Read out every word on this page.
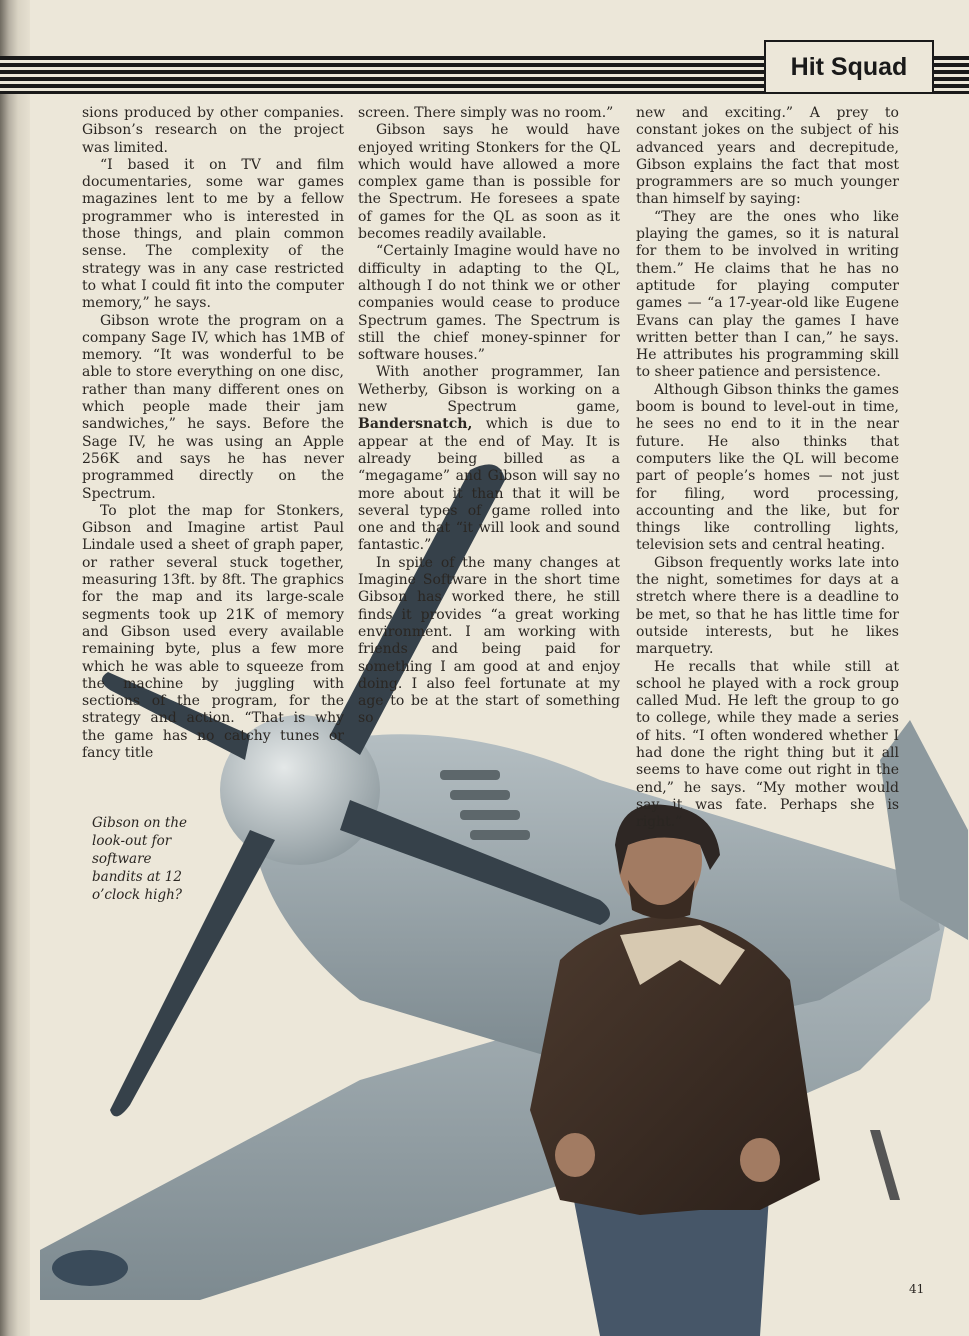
Hit Squad

sions produced by other companies. Gibson’s research on the project was limited.

“I based it on TV and film documentaries, some war games magazines lent to me by a fellow programmer who is interested in those things, and plain common sense. The complexity of the strategy was in any case restricted to what I could fit into the computer memory,” he says.

Gibson wrote the program on a company Sage IV, which has 1MB of memory. “It was wonderful to be able to store everything on one disc, rather than many different ones on which people made their jam sandwiches,” he says. Before the Sage IV, he was using an Apple 256K and says he has never programmed directly on the Spectrum.

To plot the map for Stonkers, Gibson and Imagine artist Paul Lindale used a sheet of graph paper, or rather several stuck together, measuring 13ft. by 8ft. The graphics for the map and its large-scale segments took up 21K of memory and Gibson used every available remaining byte, plus a few more which he was able to squeeze from the machine by juggling with sections of the program, for the strategy and action. “That is why the game has no catchy tunes or fancy title

screen. There simply was no room.”

Gibson says he would have enjoyed writing Stonkers for the QL which would have allowed a more complex game than is possible for the Spectrum. He foresees a spate of games for the QL as soon as it becomes readily available.

“Certainly Imagine would have no difficulty in adapting to the QL, although I do not think we or other companies would cease to produce Spectrum games. The Spectrum is still the chief money-spinner for software houses.”

With another programmer, Ian Wetherby, Gibson is working on a new Spectrum game, Bandersnatch, which is due to appear at the end of May. It is already being billed as a “megagame” and Gibson will say no more about it than that it will be several types of game rolled into one and that “it will look and sound fantastic.”

In spite of the many changes at Imagine Software in the short time Gibson has worked there, he still finds it provides “a great working environment. I am working with friends and being paid for something I am good at and enjoy doing. I also feel fortunate at my age to be at the start of something so

new and exciting.” A prey to constant jokes on the subject of his advanced years and decrepitude, Gibson explains the fact that most programmers are so much younger than himself by saying:

“They are the ones who like playing the games, so it is natural for them to be involved in writing them.” He claims that he has no aptitude for playing computer games — “a 17-year-old like Eugene Evans can play the games I have written better than I can,” he says. He attributes his programming skill to sheer patience and persistence.

Although Gibson thinks the games boom is bound to level-out in time, he sees no end to it in the near future. He also thinks that computers like the QL will become part of people’s homes — not just for filing, word processing, accounting and the like, but for things like controlling lights, television sets and central heating.

Gibson frequently works late into the night, sometimes for days at a stretch where there is a deadline to be met, so that he has little time for outside interests, but he likes marquetry.

He recalls that while still at school he played with a rock group called Mud. He left the group to go to college, while they made a series of hits. “I often wondered whether I had done the right thing but it all seems to have come out right in the end,” he says. “My mother would say it was fate. Perhaps she is right.”

Gibson on the look-out for software bandits at 12 o’clock high?
41
